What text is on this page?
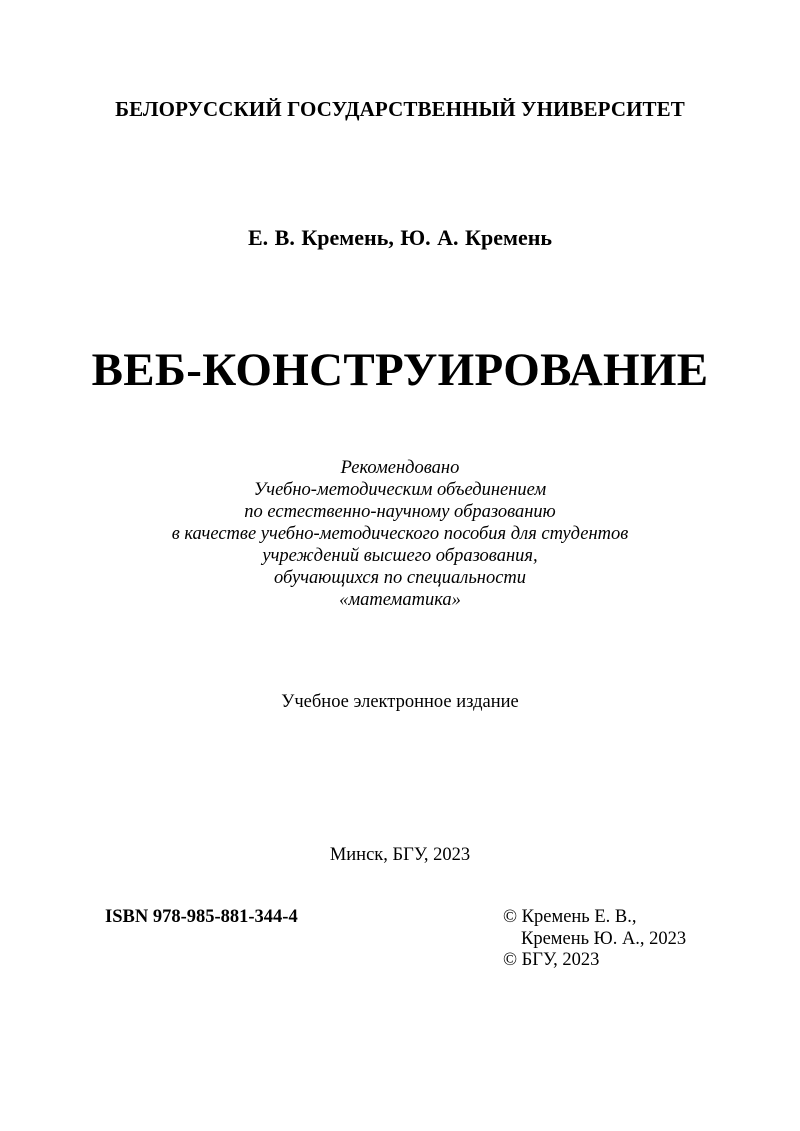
БЕЛОРУССКИЙ ГОСУДАРСТВЕННЫЙ УНИВЕРСИТЕТ
Е. В. Кремень, Ю. А. Кремень
ВЕБ-КОНСТРУИРОВАНИЕ
Рекомендовано
Учебно-методическим объединением
по естественно-научному образованию
в качестве учебно-методического пособия для студентов
учреждений высшего образования,
обучающихся по специальности
«математика»
Учебное электронное издание
Минск, БГУ, 2023
ISBN 978-985-881-344-4	© Кремень Е. В.,
Кремень Ю. А., 2023
© БГУ, 2023
